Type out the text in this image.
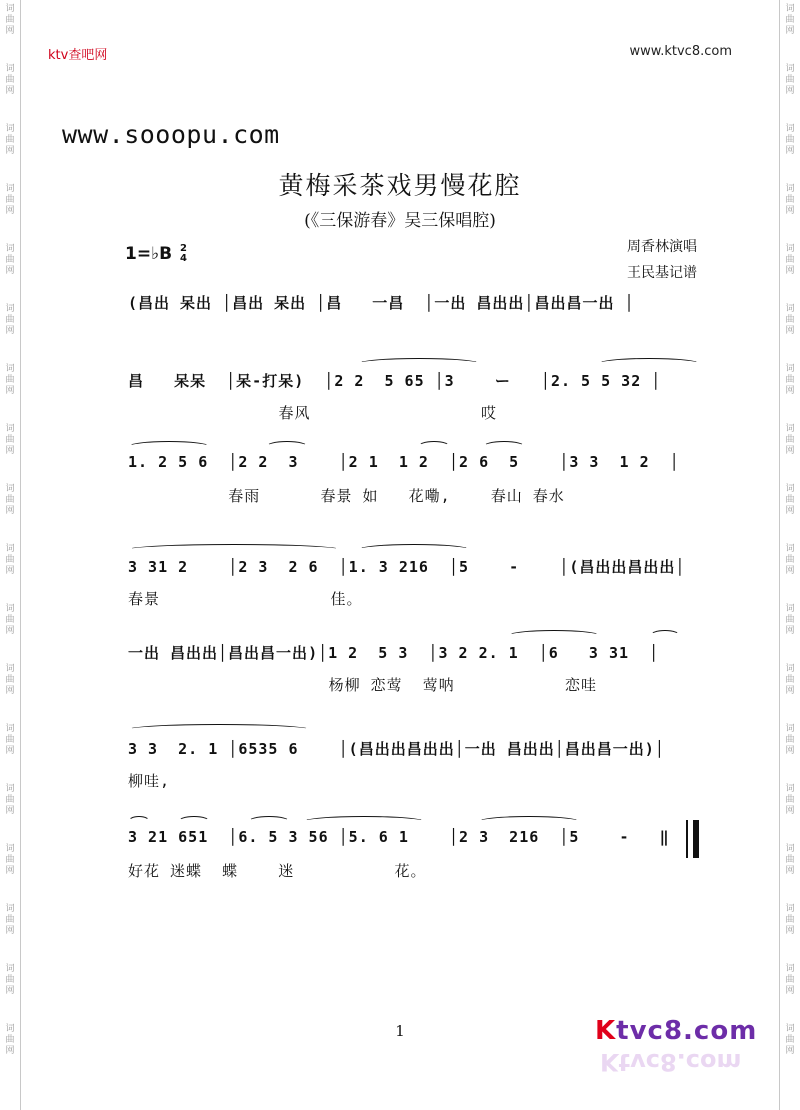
词
曲
网
词
曲
网
词
曲
网
词
曲
网
词
曲
网
词
曲
网
词
曲
网
词
曲
网
词
曲
网
词
曲
网
词
曲
网
词
曲
网
词
曲
网
词
曲
网
词
曲
网
词
曲
网
词
曲
网
词
曲
网
词
曲
网
词
曲
网
词
曲
网
词
曲
网
词
曲
网
词
曲
网
词
曲
网
词
曲
网
词
曲
网
词
曲
网
词
曲
网
词
曲
网
词
曲
网
词
曲
网
词
曲
网
词
曲
网
词
曲
网
词
曲
网
ktv查吧网	www.ktvc8.com
www.sooopu.com
黄梅采茶戏男慢花腔
(《三保游春》吴三保唱腔)
1=♭B 2
4
周香林演唱
王民基记谱
(昌出 呆出 │昌出 呆出 │昌   一昌  │一出 昌出出│昌出昌一出 │
昌   呆呆  │呆-打呆)  │2 2  5 65 │3    ー   │2. 5 5 32 │
春风                 哎
1. 2 5 6  │2 2  3    │2 1  1 2  │2 6  5    │3 3  1 2  │
春雨      春景 如   花嘞,    春山 春水
3 31 2    │2 3  2 6  │1. 3 216  │5    -    │(昌出出昌出出│
春景                 佳。
一出 昌出出│昌出昌一出)│1 2  5 3  │3 2 2. 1  │6   3 31  │
杨柳 恋莺  莺呐           恋哇
3 3  2. 1 │6535 6    │(昌出出昌出出│一出 昌出出│昌出昌一出)│
柳哇,
3 21 651  │6. 5 3 56 │5. 6 1    │2 3  216  │5    -   ‖
好花 迷蝶  蝶    迷          花。
1	Ktvc8.com
Ktvc8.com
